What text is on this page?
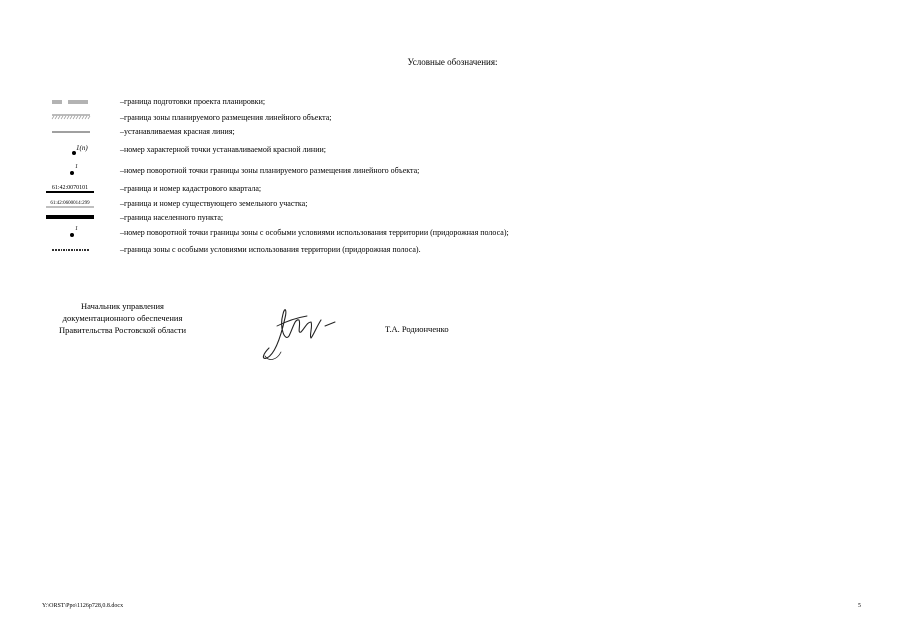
Условные обозначения:
– граница подготовки проекта планировки;
– граница зоны планируемого размещения линейного объекта;
– устанавливаемая красная линия;
1(n)	– номер характерной точки устанавливаемой красной линии;
1	– номер поворотной точки границы зоны планируемого размещения линейного объекта;
61:42:0070101	– граница и номер кадастрового квартала;
61:42:0600014:299	– граница и номер существующего земельного участка;
– граница населенного пункта;
1	– номер поворотной точки границы зоны с особыми условиями использования территории (придорожная полоса);
– граница зоны с особыми условиями использования территории (придорожная полоса).
Начальник управления
документационного обеспечения
Правительства Ростовской области	Т.А. Родионченко
Y:\ORST\Ppo\1126р728,0.8.docx	5
